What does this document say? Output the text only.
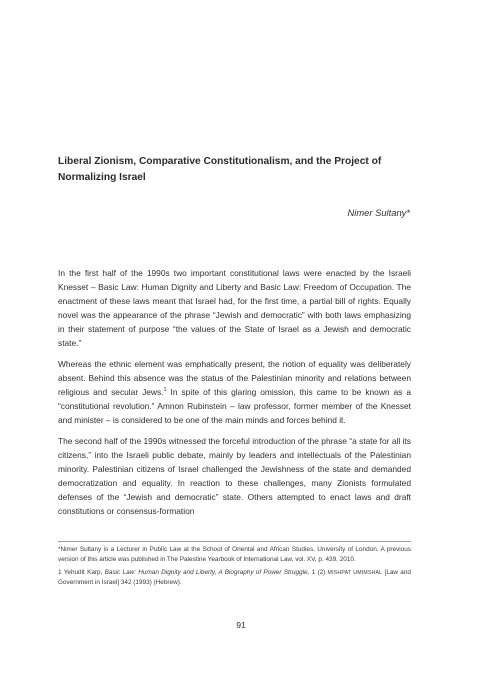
Liberal Zionism, Comparative Constitutionalism, and the Project of
Normalizing Israel
Nimer Sultany*

In the first half of the 1990s two important constitutional laws were enacted by the Israeli Knesset – Basic Law: Human Dignity and Liberty and Basic Law: Freedom of Occupation. The enactment of these laws meant that Israel had, for the first time, a partial bill of rights. Equally novel was the appearance of the phrase “Jewish and democratic” with both laws emphasizing in their statement of purpose “the values of the State of Israel as a Jewish and democratic state.”

Whereas the ethnic element was emphatically present, the notion of equality was deliberately absent. Behind this absence was the status of the Palestinian minority and relations between religious and secular Jews.$^1$ In spite of this glaring omission, this came to be known as a “constitutional revolution.” Amnon Rubinstein – law professor, former member of the Knesset and minister – is considered to be one of the main minds and forces behind it.

The second half of the 1990s witnessed the forceful introduction of the phrase “a state for all its citizens,” into the Israeli public debate, mainly by leaders and intellectuals of the Palestinian minority. Palestinian citizens of Israel challenged the Jewishness of the state and demanded democratization and equality. In reaction to these challenges, many Zionists formulated defenses of the “Jewish and democratic” state. Others attempted to enact laws and draft constitutions or consensus-formation

*Nimer Sultany is a Lecturer in Public Law at the School of Oriental and African Studies, University of London. A previous version of this article was published in The Palestine Yearbook of International Law, vol. XV, p. 439, 2010.

1 Yehudit Karp, Basic Law: Human Dignity and Liberty, A Biography of Power Struggle, 1 (2) MISHPAT UMIMSHAL [Law and Government in Israel] 342 (1993) (Hebrew).

91
